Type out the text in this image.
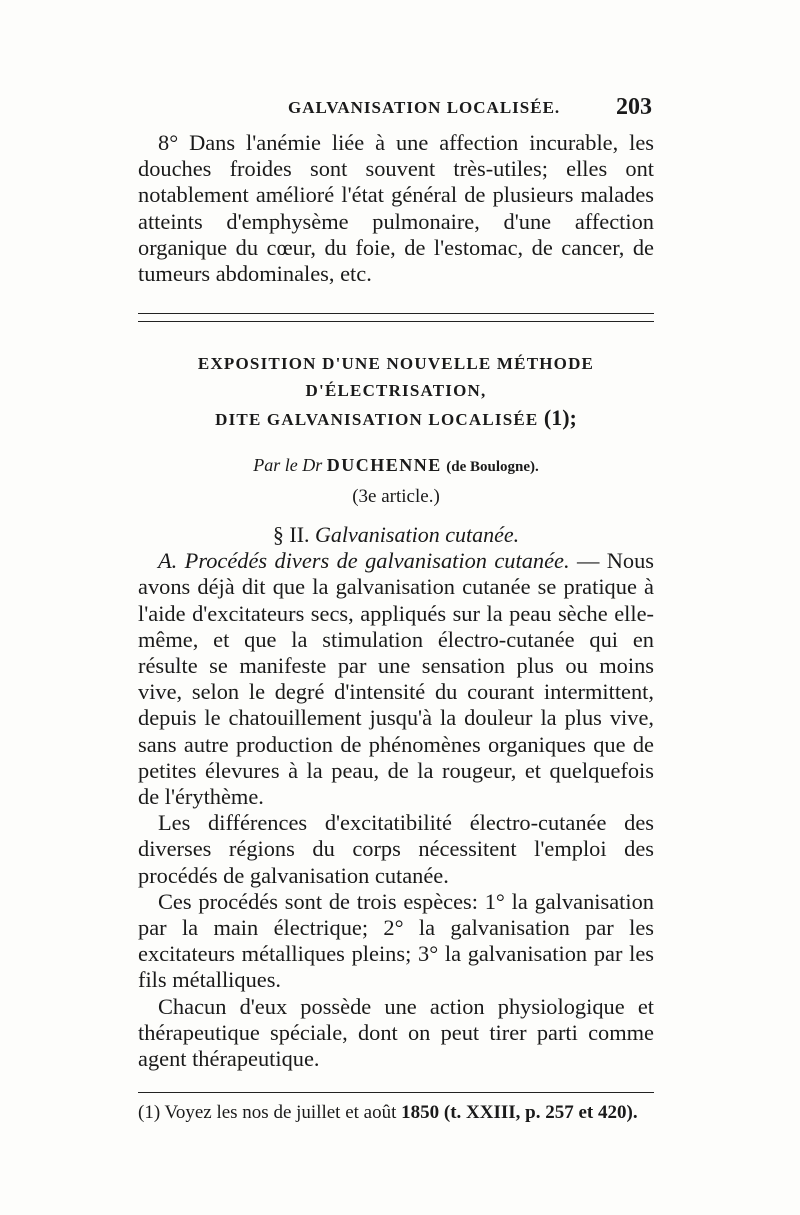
GALVANISATION LOCALISÉE. 203

8° Dans l'anémie liée à une affection incurable, les douches froides sont souvent très-utiles; elles ont notablement amélioré l'état général de plusieurs malades atteints d'emphysème pulmonaire, d'une affection organique du cœur, du foie, de l'estomac, de cancer, de tumeurs abdominales, etc.

EXPOSITION D'UNE NOUVELLE MÉTHODE D'ÉLECTRISATION,
DITE GALVANISATION LOCALISÉE (1);
Par le Dr DUCHENNE (de Boulogne).
(3e article.)
§ II. Galvanisation cutanée.

A. Procédés divers de galvanisation cutanée. — Nous avons déjà dit que la galvanisation cutanée se pratique à l'aide d'excitateurs secs, appliqués sur la peau sèche elle-même, et que la stimulation électro-cutanée qui en résulte se manifeste par une sensation plus ou moins vive, selon le degré d'intensité du courant intermittent, depuis le chatouillement jusqu'à la douleur la plus vive, sans autre production de phénomènes organiques que de petites élevures à la peau, de la rougeur, et quelquefois de l'érythème.

Les différences d'excitatibilité électro-cutanée des diverses régions du corps nécessitent l'emploi des procédés de galvanisation cutanée.

Ces procédés sont de trois espèces: 1° la galvanisation par la main électrique; 2° la galvanisation par les excitateurs métalliques pleins; 3° la galvanisation par les fils métalliques.

Chacun d'eux possède une action physiologique et thérapeutique spéciale, dont on peut tirer parti comme agent thérapeutique.

(1) Voyez les nos de juillet et août 1850 (t. XXIII, p. 257 et 420).
